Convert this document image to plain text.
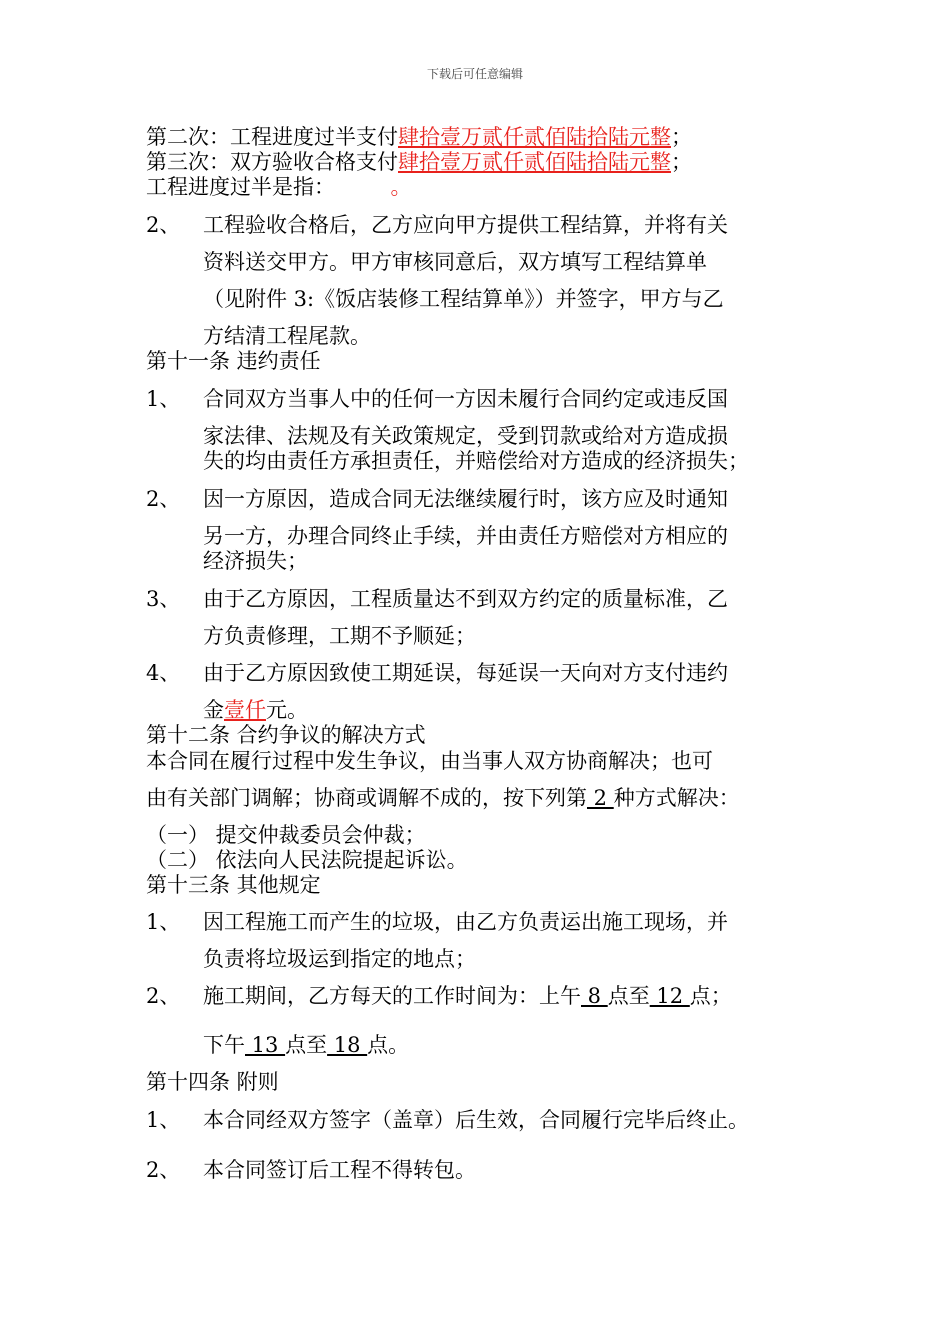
下载后可任意编辑
第二次：工程进度过半支付肆拾壹万贰仟贰佰陆拾陆元整；
第三次：双方验收合格支付肆拾壹万贰仟贰佰陆拾陆元整；
工程进度过半是指：	。
2、 工程验收合格后，乙方应向甲方提供工程结算，并将有关
资料送交甲方。甲方审核同意后，双方填写工程结算单
（见附件 3:《饭店装修工程结算单》）并签字，甲方与乙
方结清工程尾款。
第十一条 违约责任
1、 合同双方当事人中的任何一方因未履行合同约定或违反国
家法律、法规及有关政策规定，受到罚款或给对方造成损
失的均由责任方承担责任，并赔偿给对方造成的经济损失；
2、 因一方原因，造成合同无法继续履行时，该方应及时通知
另一方，办理合同终止手续，并由责任方赔偿对方相应的
经济损失；
3、 由于乙方原因，工程质量达不到双方约定的质量标准，乙
方负责修理，工期不予顺延；
4、 由于乙方原因致使工期延误，每延误一天向对方支付违约
金壹仟元。
第十二条 合约争议的解决方式
本合同在履行过程中发生争议，由当事人双方协商解决；也可
由有关部门调解；协商或调解不成的，按下列第 2 种方式解决：
（一） 提交仲裁委员会仲裁；
（二） 依法向人民法院提起诉讼。
第十三条 其他规定
1、 因工程施工而产生的垃圾，由乙方负责运出施工现场，并
负责将垃圾运到指定的地点；
2、 施工期间，乙方每天的工作时间为：上午 8 点至 12 点；
下午 13 点至 18 点。
第十四条 附则
1、 本合同经双方签字（盖章）后生效，合同履行完毕后终止。
2、 本合同签订后工程不得转包。
